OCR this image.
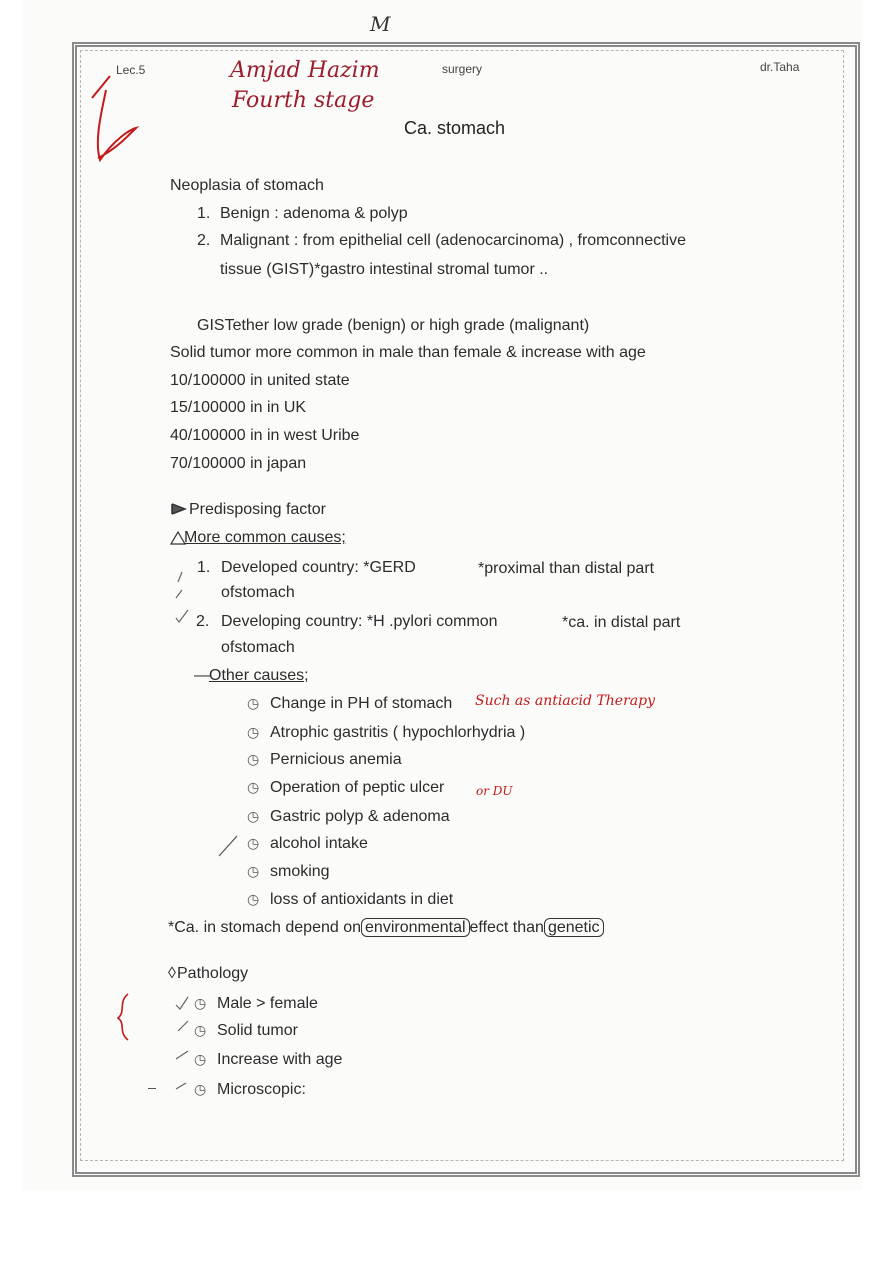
M
Lec.5	surgery	dr.Taha
Amjad Hazim
Fourth stage
Ca. stomach
Neoplasia of stomach
1. Benign : adenoma & polyp
2. Malignant : from epithelial cell (adenocarcinoma) , fromconnective
tissue (GIST)*gastro intestinal stromal tumor ..
GISTether low grade (benign) or high grade (malignant)
Solid tumor more common in male than female & increase with age
10/100000 in united state
15/100000 in in UK
40/100000 in in west Uribe
70/100000 in japan
Predisposing factor
More common causes;
1. Developed country: *GERD	*proximal than distal part
ofstomach
2. Developing country: *H .pylori common	*ca. in distal part
ofstomach
— Other causes;
◷ Change in PH of stomach Such as antiacid Therapy
◷ Atrophic gastritis ( hypochlorhydria )
◷ Pernicious anemia
◷ Operation of peptic ulcer	or DU
◷ Gastric polyp & adenoma
◷ alcohol intake
◷ smoking
◷ loss of antioxidants in diet
*Ca. in stomach depend on environmental effect than genetic
◊ Pathology
◷ Male > female
◷ Solid tumor
◷ Increase with age
◷ Microscopic:
